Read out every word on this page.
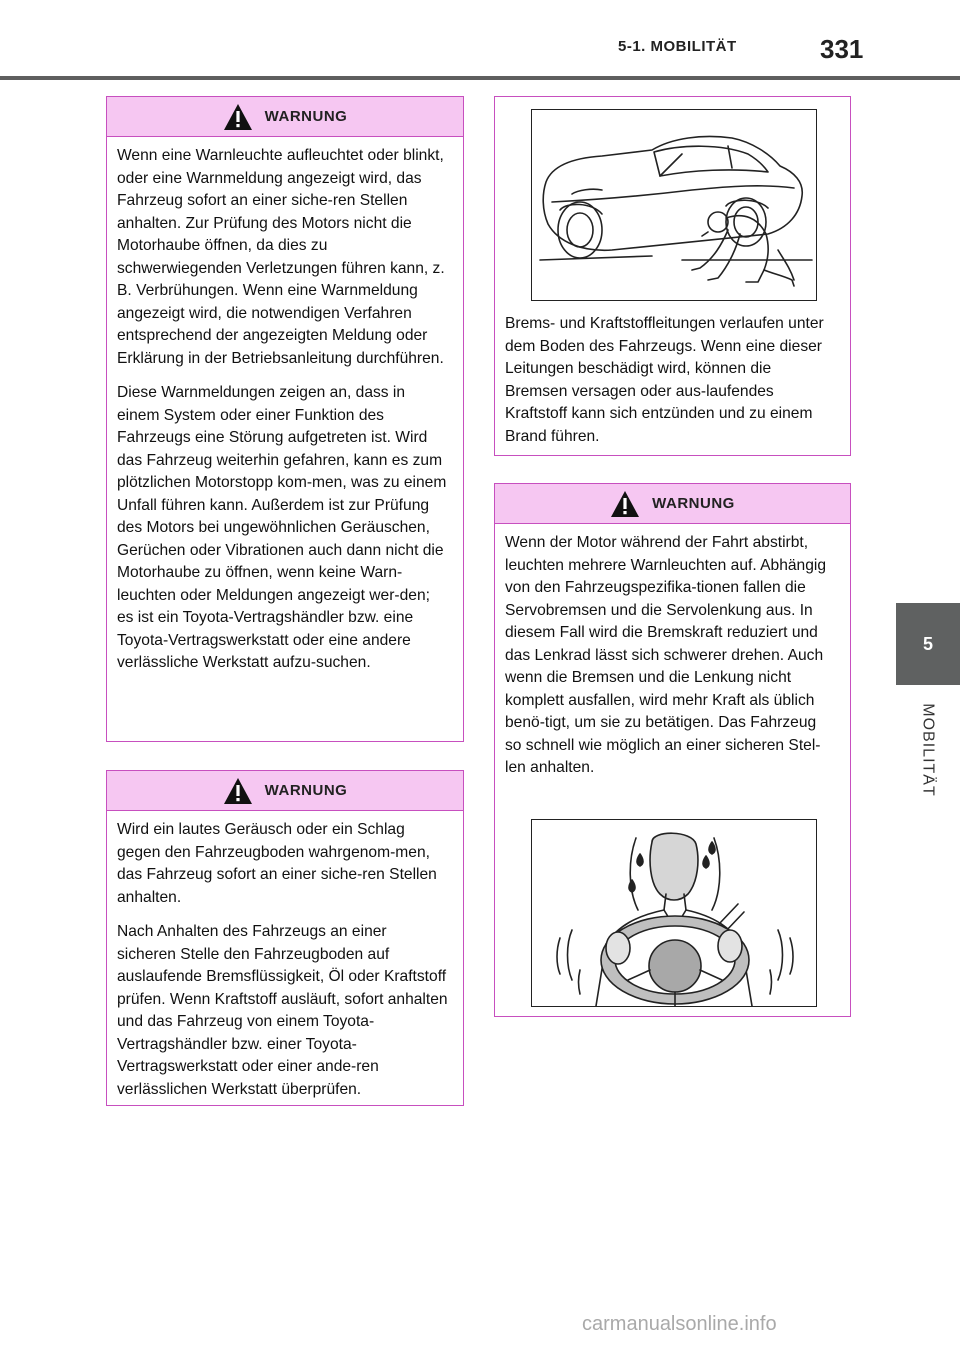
5-1. MOBILITÄT	331
5
MOBILITÄT
WARNUNG

Wenn eine Warnleuchte aufleuchtet oder blinkt, oder eine Warnmeldung angezeigt wird, das Fahrzeug sofort an einer siche-ren Stellen anhalten. Zur Prüfung des Motors nicht die Motorhaube öffnen, da dies zu schwerwiegenden Verletzungen führen kann, z. B. Verbrühungen. Wenn eine Warnmeldung angezeigt wird, die notwendigen Verfahren entsprechend der angezeigten Meldung oder Erklärung in der Betriebsanleitung durchführen.

Diese Warnmeldungen zeigen an, dass in einem System oder einer Funktion des Fahrzeugs eine Störung aufgetreten ist. Wird das Fahrzeug weiterhin gefahren, kann es zum plötzlichen Motorstopp kom-men, was zu einem Unfall führen kann. Außerdem ist zur Prüfung des Motors bei ungewöhnlichen Geräuschen, Gerüchen oder Vibrationen auch dann nicht die Motorhaube zu öffnen, wenn keine Warn-leuchten oder Meldungen angezeigt wer-den; es ist ein Toyota-Vertragshändler bzw. eine Toyota-Vertragswerkstatt oder eine andere verlässliche Werkstatt aufzu-suchen.

WARNUNG

Wird ein lautes Geräusch oder ein Schlag gegen den Fahrzeugboden wahrgenom-men, das Fahrzeug sofort an einer siche-ren Stellen anhalten.

Nach Anhalten des Fahrzeugs an einer sicheren Stelle den Fahrzeugboden auf auslaufende Bremsflüssigkeit, Öl oder Kraftstoff prüfen. Wenn Kraftstoff ausläuft, sofort anhalten und das Fahrzeug von einem Toyota-Vertragshändler bzw. einer Toyota-Vertragswerkstatt oder einer ande-ren verlässlichen Werkstatt überprüfen.

Brems- und Kraftstoffleitungen verlaufen unter dem Boden des Fahrzeugs. Wenn eine dieser Leitungen beschädigt wird, können die Bremsen versagen oder aus-laufendes Kraftstoff kann sich entzünden und zu einem Brand führen.

WARNUNG

Wenn der Motor während der Fahrt abstirbt, leuchten mehrere Warnleuchten auf. Abhängig von den Fahrzeugspezifika-tionen fallen die Servobremsen und die Servolenkung aus. In diesem Fall wird die Bremskraft reduziert und das Lenkrad lässt sich schwerer drehen. Auch wenn die Bremsen und die Lenkung nicht komplett ausfallen, wird mehr Kraft als üblich benö-tigt, um sie zu betätigen. Das Fahrzeug so schnell wie möglich an einer sicheren Stel-len anhalten.

carmanualsonline.info
